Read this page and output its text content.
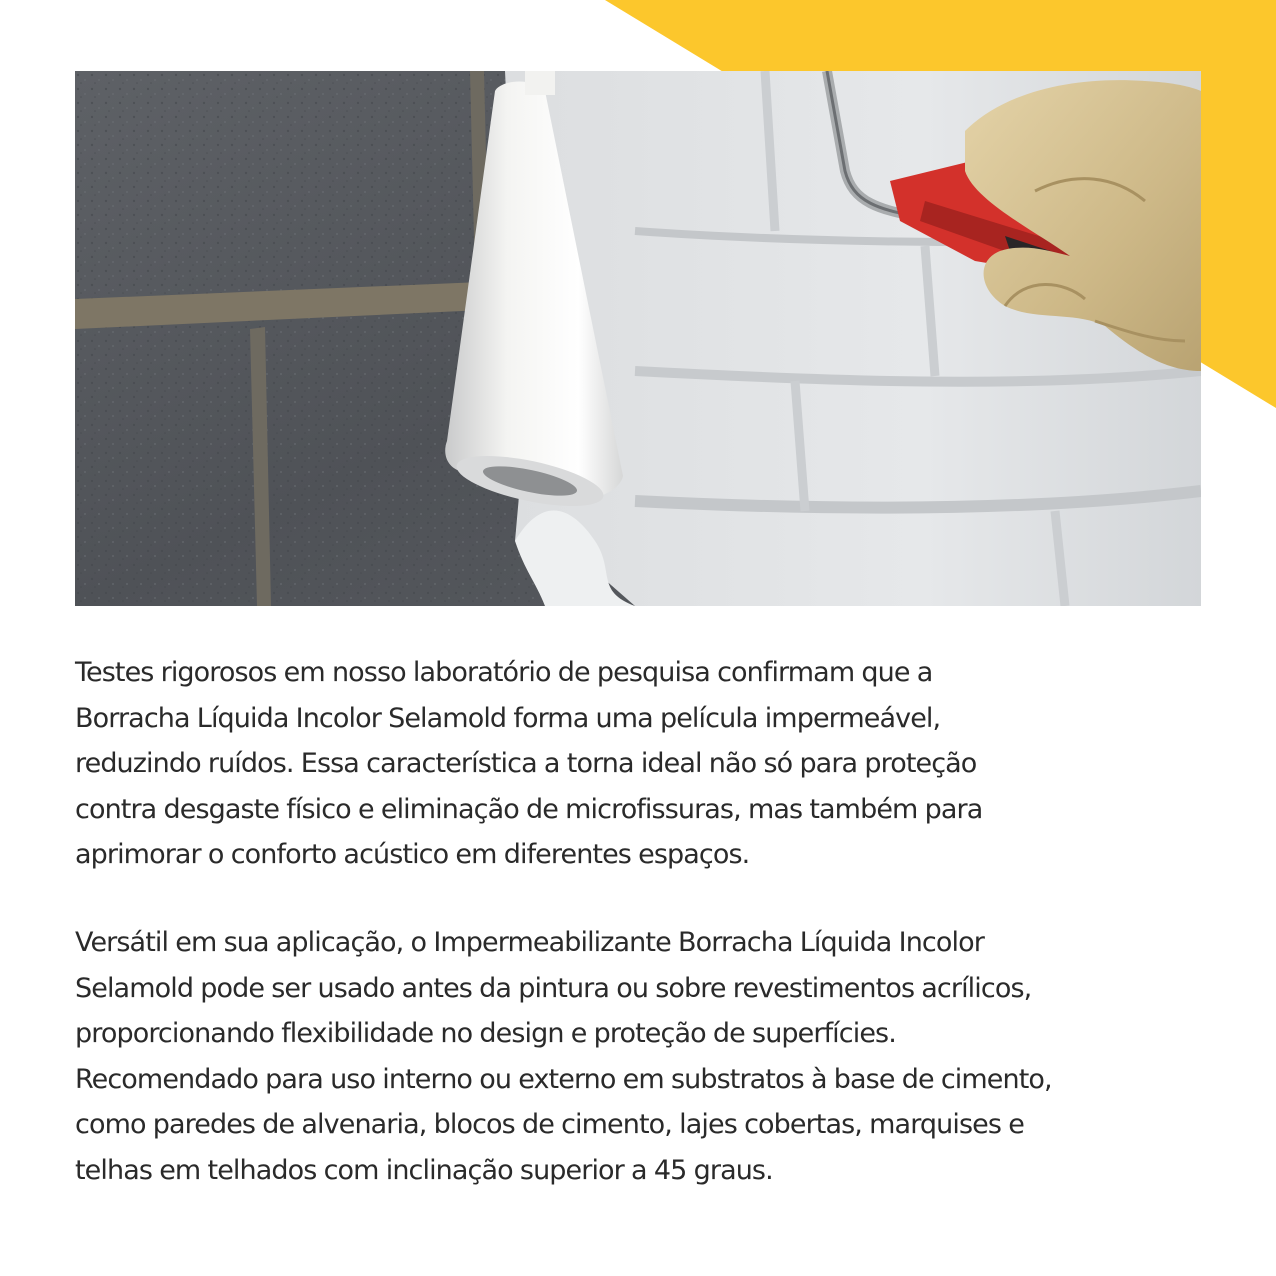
Testes rigorosos em nosso laboratório de pesquisa confirmam que a
Borracha Líquida Incolor Selamold forma uma película impermeável,
reduzindo ruídos. Essa característica a torna ideal não só para proteção
contra desgaste físico e eliminação de microfissuras, mas também para
aprimorar o conforto acústico em diferentes espaços.

Versátil em sua aplicação, o Impermeabilizante Borracha Líquida Incolor
Selamold pode ser usado antes da pintura ou sobre revestimentos acrílicos,
proporcionando flexibilidade no design e proteção de superfícies.
Recomendado para uso interno ou externo em substratos à base de cimento,
como paredes de alvenaria, blocos de cimento, lajes cobertas, marquises e
telhas em telhados com inclinação superior a 45 graus.
